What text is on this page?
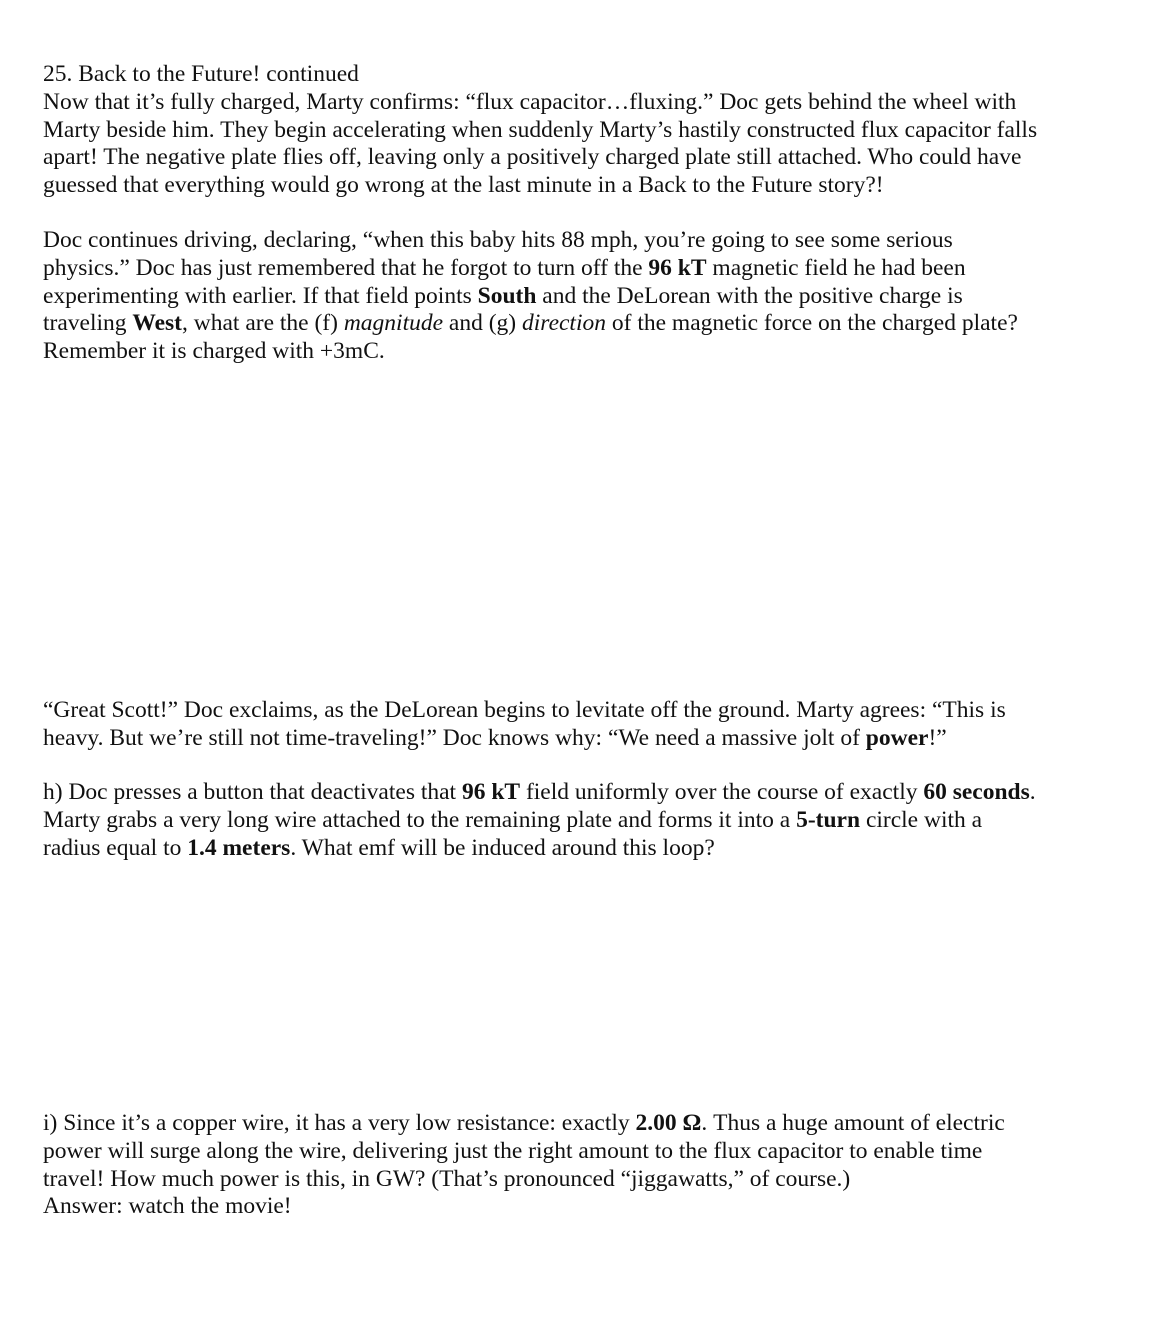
25. Back to the Future! continued
Now that it’s fully charged, Marty confirms: “flux capacitor…fluxing.” Doc gets behind the wheel with
Marty beside him. They begin accelerating when suddenly Marty’s hastily constructed flux capacitor falls
apart! The negative plate flies off, leaving only a positively charged plate still attached. Who could have
guessed that everything would go wrong at the last minute in a Back to the Future story?!
Doc continues driving, declaring, “when this baby hits 88 mph, you’re going to see some serious
physics.” Doc has just remembered that he forgot to turn off the 96 kT magnetic field he had been
experimenting with earlier. If that field points South and the DeLorean with the positive charge is
traveling West, what are the (f) magnitude and (g) direction of the magnetic force on the charged plate?
Remember it is charged with +3mC.
“Great Scott!” Doc exclaims, as the DeLorean begins to levitate off the ground. Marty agrees: “This is
heavy. But we’re still not time-traveling!” Doc knows why: “We need a massive jolt of power!”
h) Doc presses a button that deactivates that 96 kT field uniformly over the course of exactly 60 seconds.
Marty grabs a very long wire attached to the remaining plate and forms it into a 5-turn circle with a
radius equal to 1.4 meters. What emf will be induced around this loop?
i) Since it’s a copper wire, it has a very low resistance: exactly 2.00 Ω. Thus a huge amount of electric
power will surge along the wire, delivering just the right amount to the flux capacitor to enable time
travel! How much power is this, in GW? (That’s pronounced “jiggawatts,” of course.)
Answer: watch the movie!
